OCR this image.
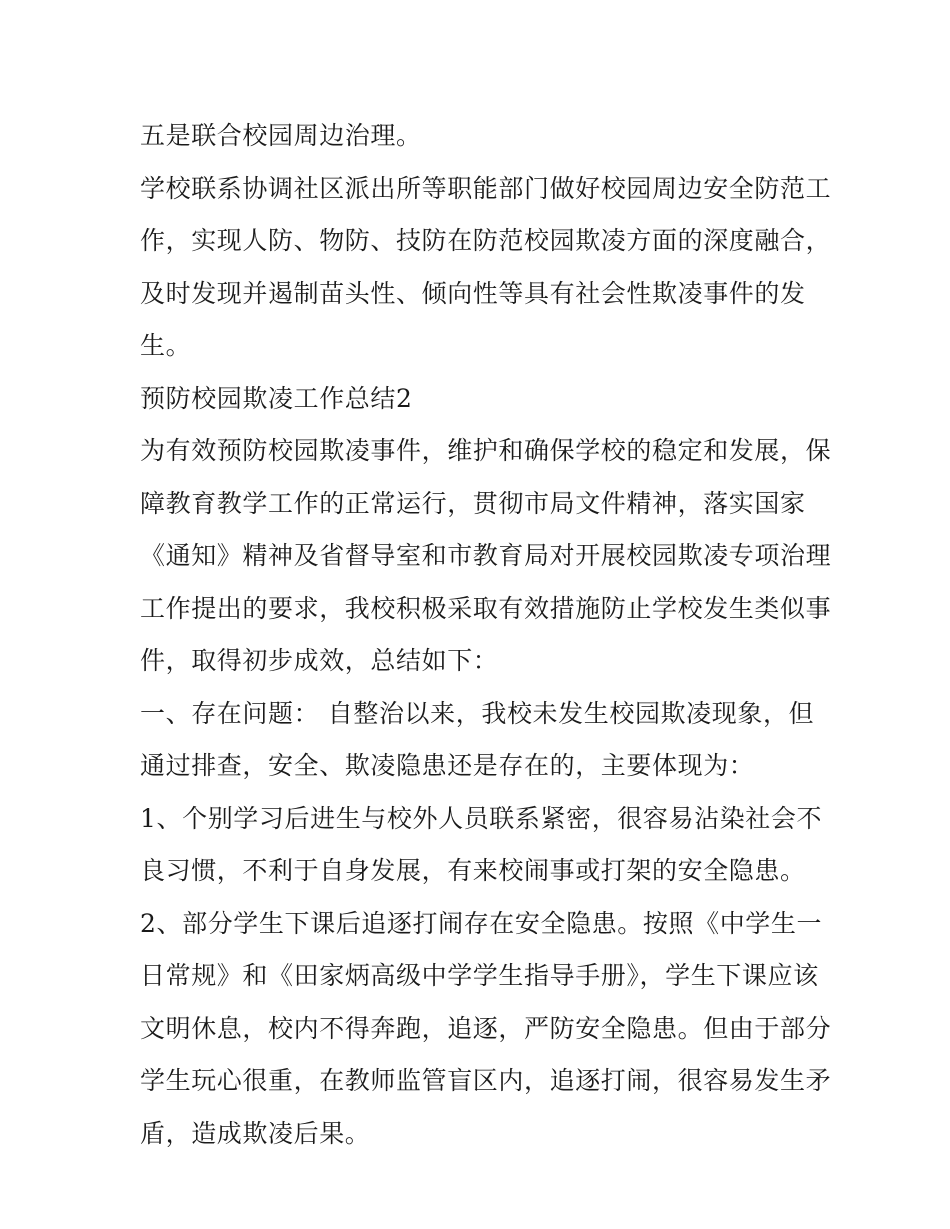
五是联合校园周边治理。
学校联系协调社区派出所等职能部门做好校园周边安全防范工
作，实现人防、物防、技防在防范校园欺凌方面的深度融合，
及时发现并遏制苗头性、倾向性等具有社会性欺凌事件的发
生。
预防校园欺凌工作总结2
为有效预防校园欺凌事件，维护和确保学校的稳定和发展，保
障教育教学工作的正常运行，贯彻市局文件精神，落实国家
《通知》精神及省督导室和市教育局对开展校园欺凌专项治理
工作提出的要求，我校积极采取有效措施防止学校发生类似事
件，取得初步成效，总结如下：
一、存在问题： 自整治以来，我校未发生校园欺凌现象，但
通过排查，安全、欺凌隐患还是存在的，主要体现为：
1、个别学习后进生与校外人员联系紧密，很容易沾染社会不
良习惯，不利于自身发展，有来校闹事或打架的安全隐患。
2、部分学生下课后追逐打闹存在安全隐患。按照《中学生一
日常规》和《田家炳高级中学学生指导手册》，学生下课应该
文明休息，校内不得奔跑，追逐，严防安全隐患。但由于部分
学生玩心很重，在教师监管盲区内，追逐打闹，很容易发生矛
盾，造成欺凌后果。
